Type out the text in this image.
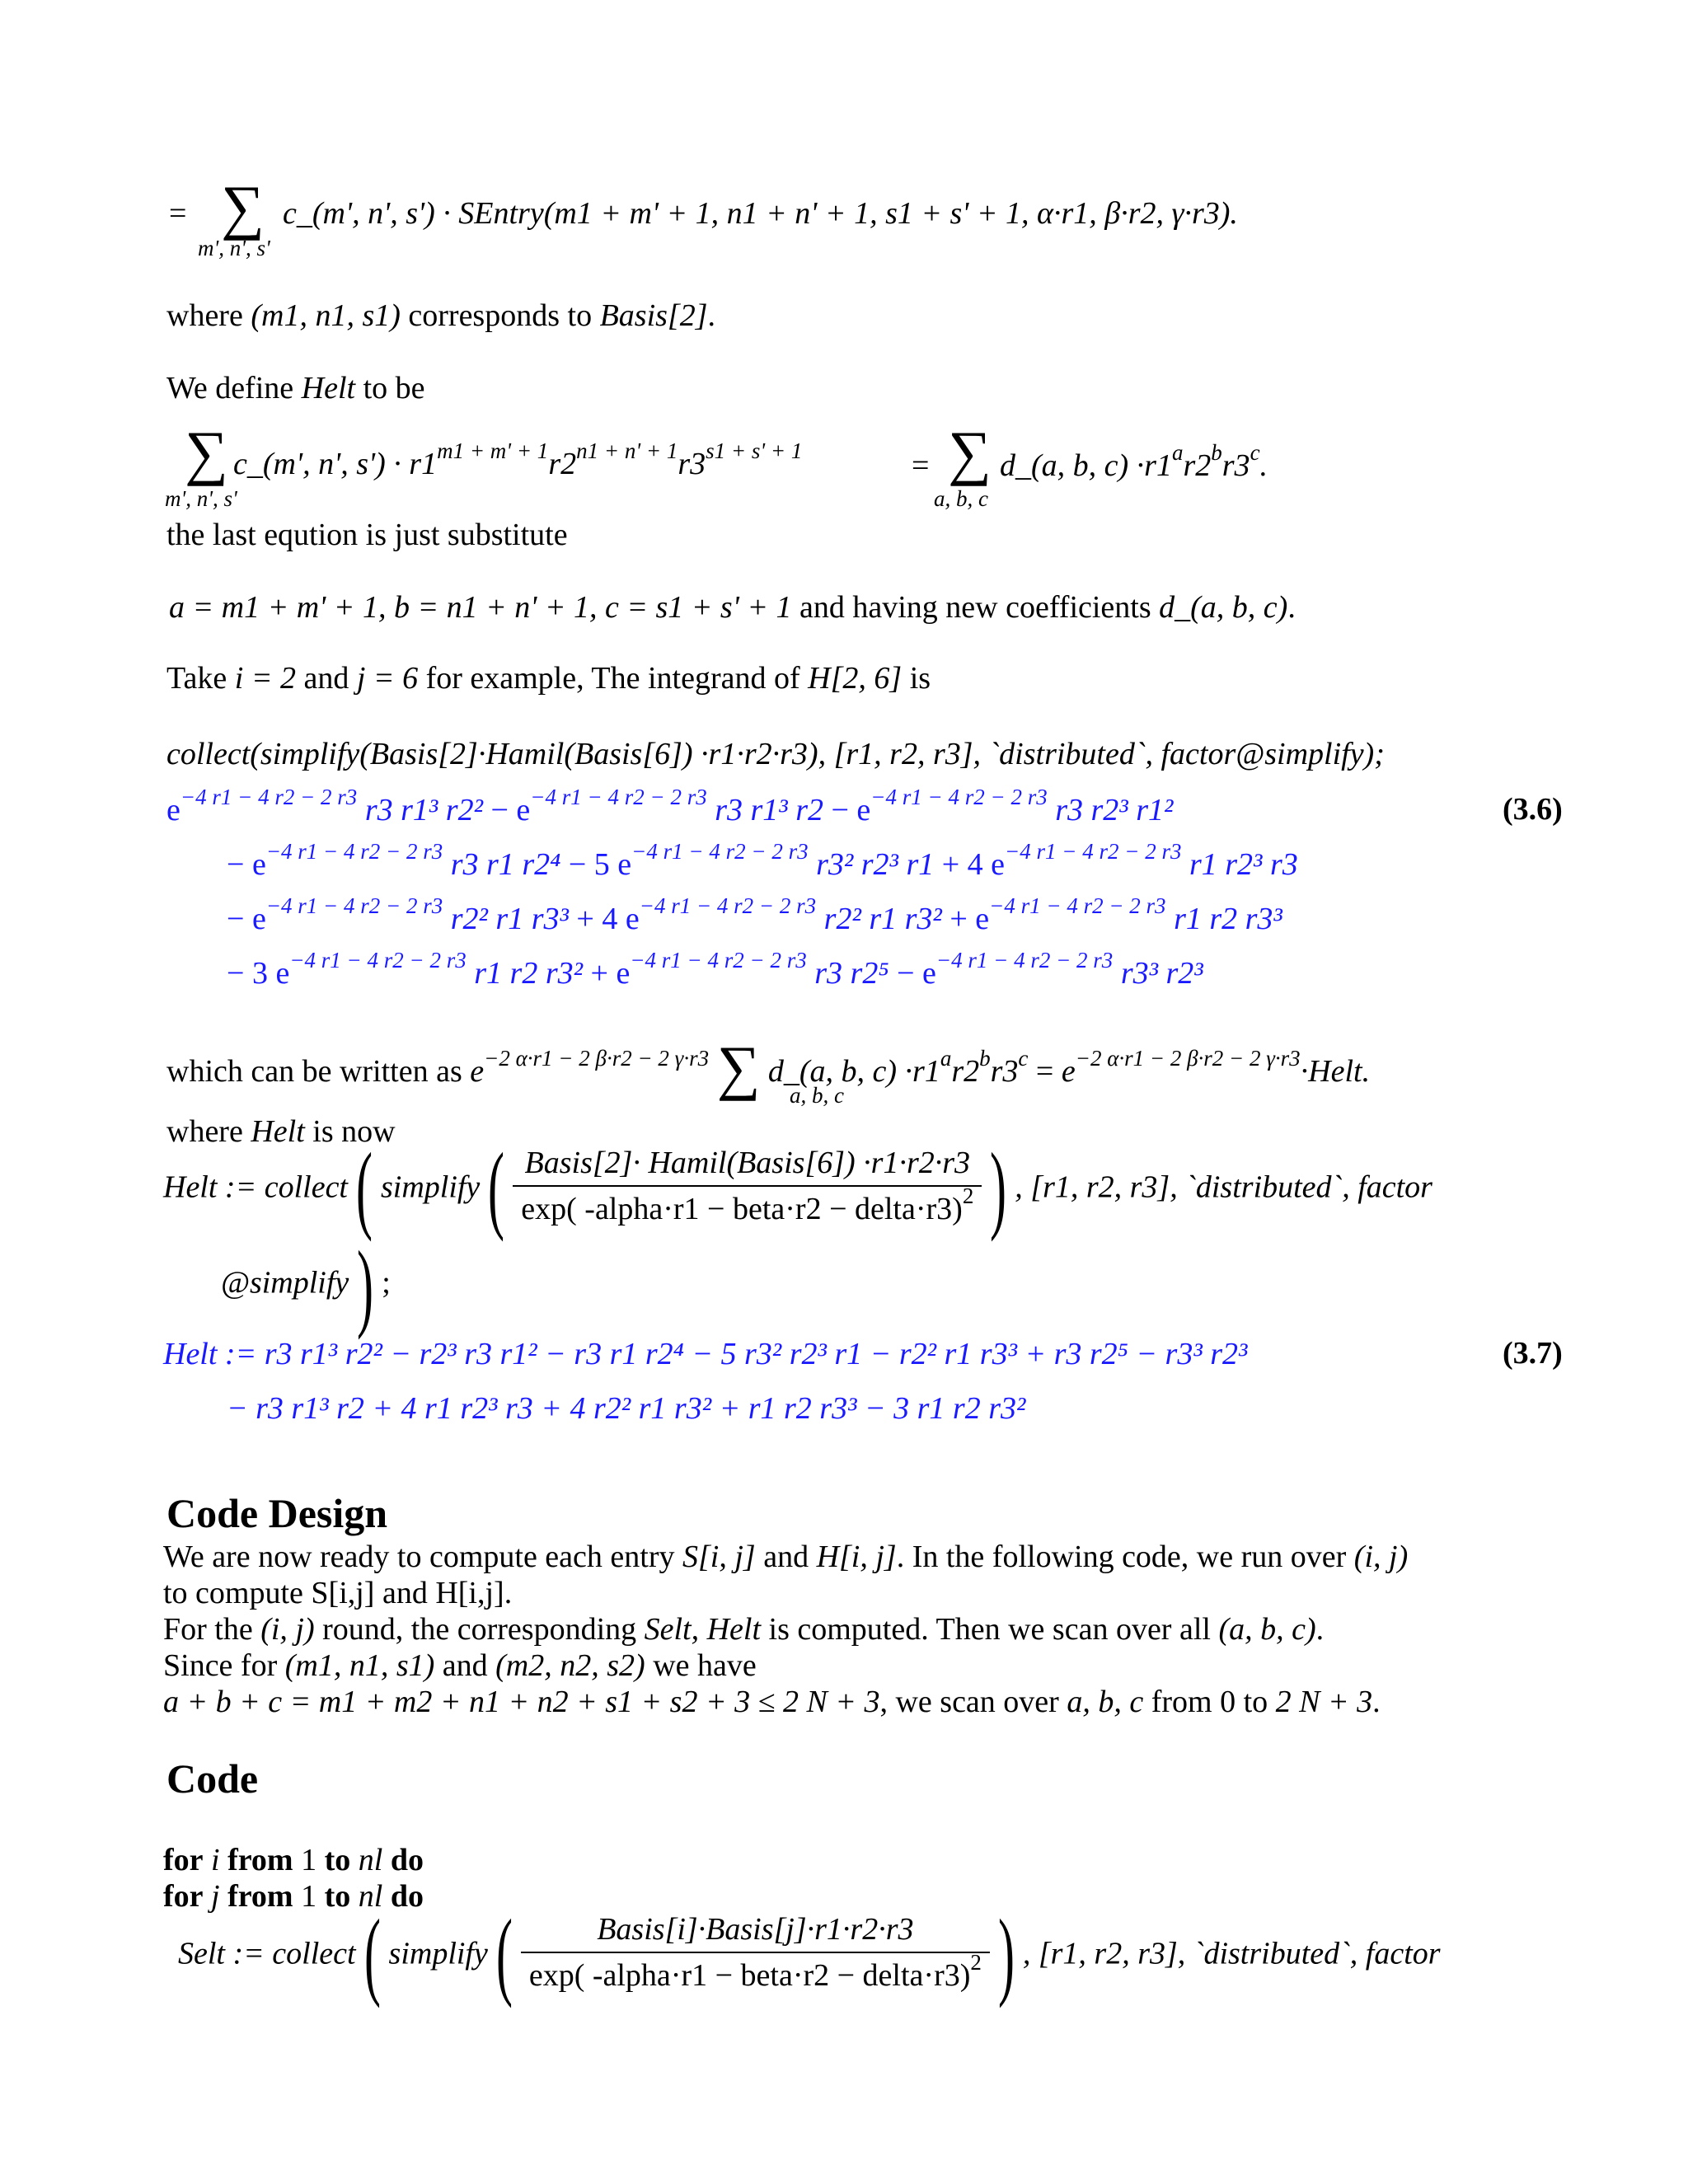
= ∑ c_(m', n', s') · SEntry(m1 + m' + 1, n1 + n' + 1, s1 + s' + 1, α·r1, β·r2, γ·r3).
m', n', s'
where (m1, n1, s1) corresponds to Basis[2].
We define Helt to be
∑ c_(m', n', $s') \cdot r1^{m1 + m' + 1}r2^{n1 + n' + 1}r3^{s1 + s' + 1}$	= ∑ d_(a, b, $c) \cdot r1^ar2^br3^c$.
m', n', s'	a, b, c
the last eqution is just substitute
a = m1 + m' + 1, b = n1 + n' + 1, c = s1 + s' + 1 and having new coefficients d_(a, b, c).
Take i = 2 and j = 6 for example, The integrand of H[2, 6] is
collect(simplify(Basis[2]·Hamil(Basis[6]) ·r1·r2·r3), [r1, r2, r3], `distributed`, factor@simplify);
$e^{-4 r1 - 4 r2 - 2 r3}$ r3 r1³ $r2^2 - e^{-4 r1 - 4 r2 - 2 r3}$ r3 r1³ $r2 - e^{-4 r1 - 4 r2 - 2 r3}$ r3 r2³ r1²	(3.6)
− $e^{-4 r1 - 4 r2 - 2 r3}$ r3 r1 r2⁴ − 5 $e^{-4 r1 - 4 r2 - 2 r3}$ r3² r2³ r1 + 4 $e^{-4 r1 - 4 r2 - 2 r3}$ r1 r2³ r3
− $e^{-4 r1 - 4 r2 - 2 r3}$ r2² r1 r3³ + 4 $e^{-4 r1 - 4 r2 - 2 r3}$ r2² r1 $r3^2 + e^{-4 r1 - 4 r2 - 2 r3}$ r1 r2 r3³
− 3 $e^{-4 r1 - 4 r2 - 2 r3}$ r1 r2 $r3^2 + e^{-4 r1 - 4 r2 - 2 r3}$ r3 $r2^5 - e^{-4 r1 - 4 r2 - 2 r3}$ r3³ r2³
which can be written as $e^{-2 \alpha\cdot r1 - 2 \beta\cdot r2 - 2 \gamma\cdot r3}$ ∑ d_(a, b, $c) \cdot r1^ar2^br3^c$ = $e^{-2 \alpha\cdot r1 - 2 \beta\cdot r2 - 2 \gamma\cdot r3}\cdot Helt$.
a, b, c
where Helt is now
Helt := collect( simplify( $\frac{\text{Basis[2]· Hamil(Basis[6]) ·r1·r2·r3}}{\exp( -alpha\cdot r1 - beta\cdot r2 - delta\cdot r3)^2}$ ) , [r1, r2, r3], `distributed`, factor
@simplify) ;
Helt := r3 r1³ r2² − r2³ r3 r1² − r3 r1 r2⁴ − 5 r3² r2³ r1 − r2² r1 r3³ + r3 r2⁵ − r3³ r2³	(3.7)
− r3 r1³ r2 + 4 r1 r2³ r3 + 4 r2² r1 r3² + r1 r2 r3³ − 3 r1 r2 r3²
Code Design
We are now ready to compute each entry S[i, j] and H[i, j]. In the following code, we run over (i, j)
to compute S[i,j] and H[i,j].
For the (i, j) round, the corresponding Selt, Helt is computed. Then we scan over all (a, b, c).
Since for (m1, n1, s1) and (m2, n2, s2) we have
a + b + c = m1 + m2 + n1 + n2 + s1 + s2 + 3 ≤ 2 N + 3, we scan over a, b, c from 0 to 2 N + 3.
Code
for i from 1 to nl do
for j from 1 to nl do
Selt := collect( simplify( $\frac{\text{Basis[i]·Basis[j]·r1·r2·r3}}{\exp( -alpha\cdot r1 - beta\cdot r2 - delta\cdot r3)^2}$ ) , [r1, r2, r3], `distributed`, factor
